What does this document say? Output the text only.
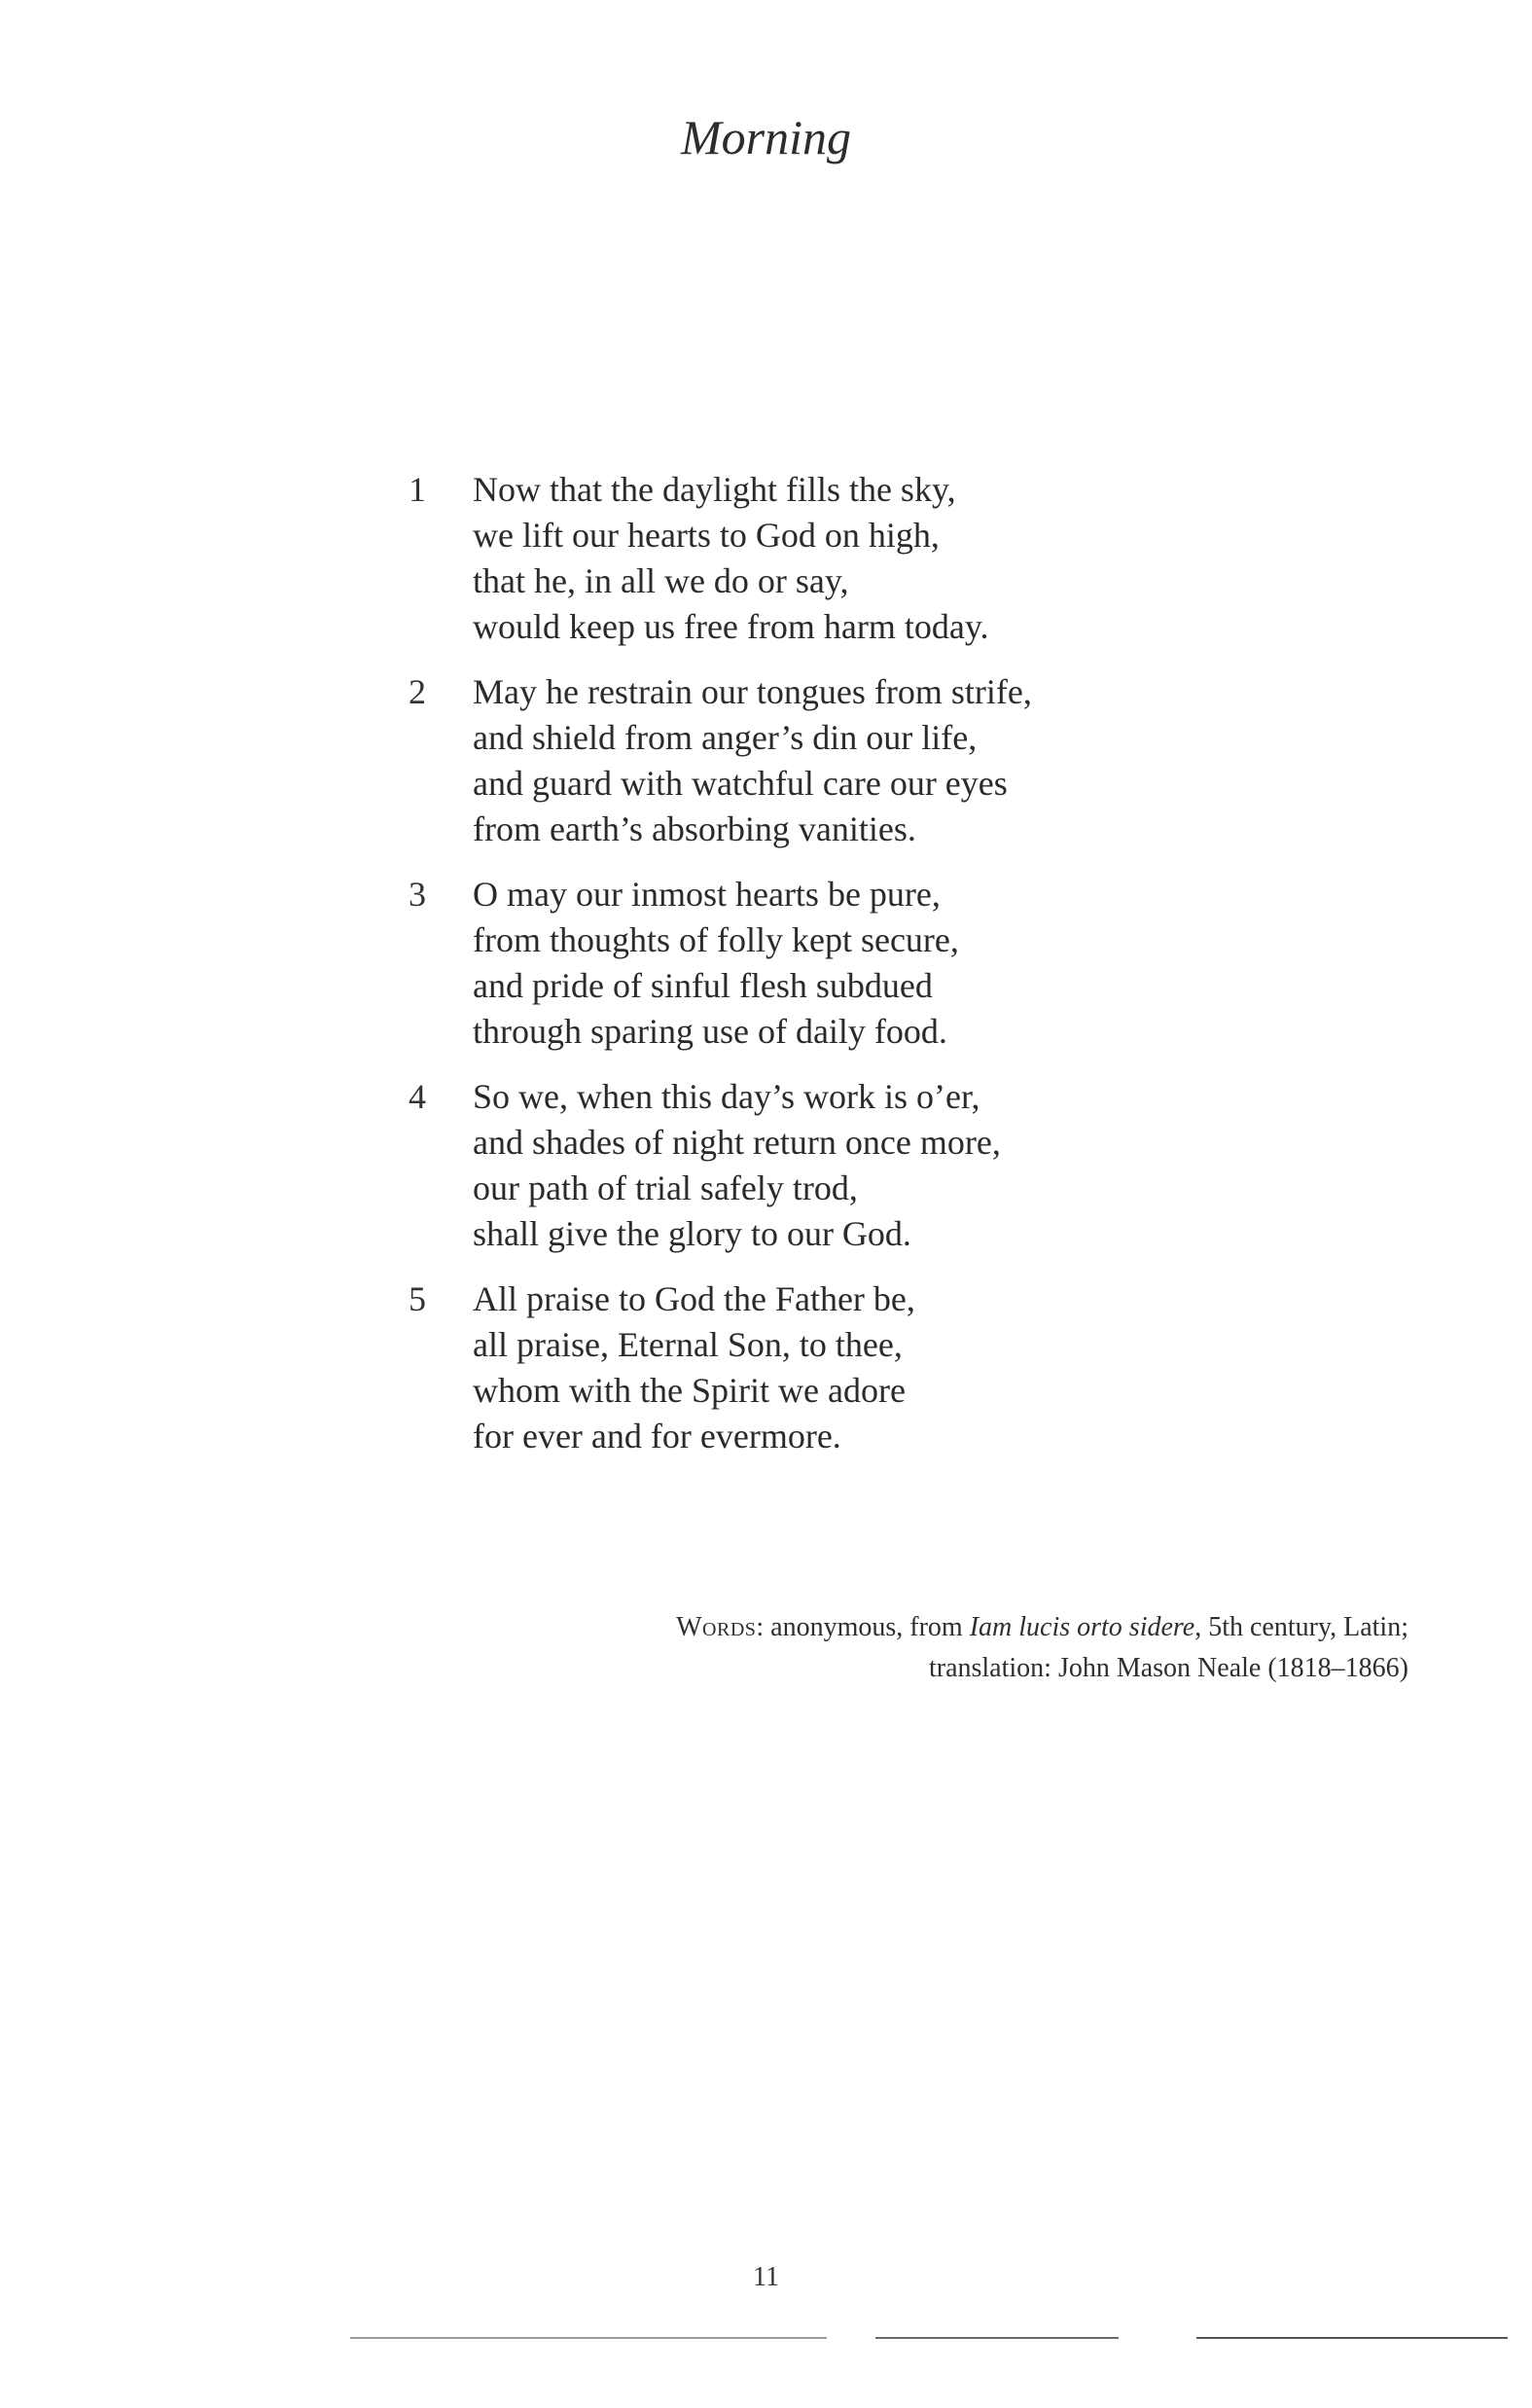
Morning
1	Now that the daylight fills the sky,
we lift our hearts to God on high,
that he, in all we do or say,
would keep us free from harm today.
2	May he restrain our tongues from strife,
and shield from anger’s din our life,
and guard with watchful care our eyes
from earth’s absorbing vanities.
3	O may our inmost hearts be pure,
from thoughts of folly kept secure,
and pride of sinful flesh subdued
through sparing use of daily food.
4	So we, when this day’s work is o’er,
and shades of night return once more,
our path of trial safely trod,
shall give the glory to our God.
5	All praise to God the Father be,
all praise, Eternal Son, to thee,
whom with the Spirit we adore
for ever and for evermore.
Words: anonymous, from Iam lucis orto sidere, 5th century, Latin;
translation: John Mason Neale (1818–1866)
11
